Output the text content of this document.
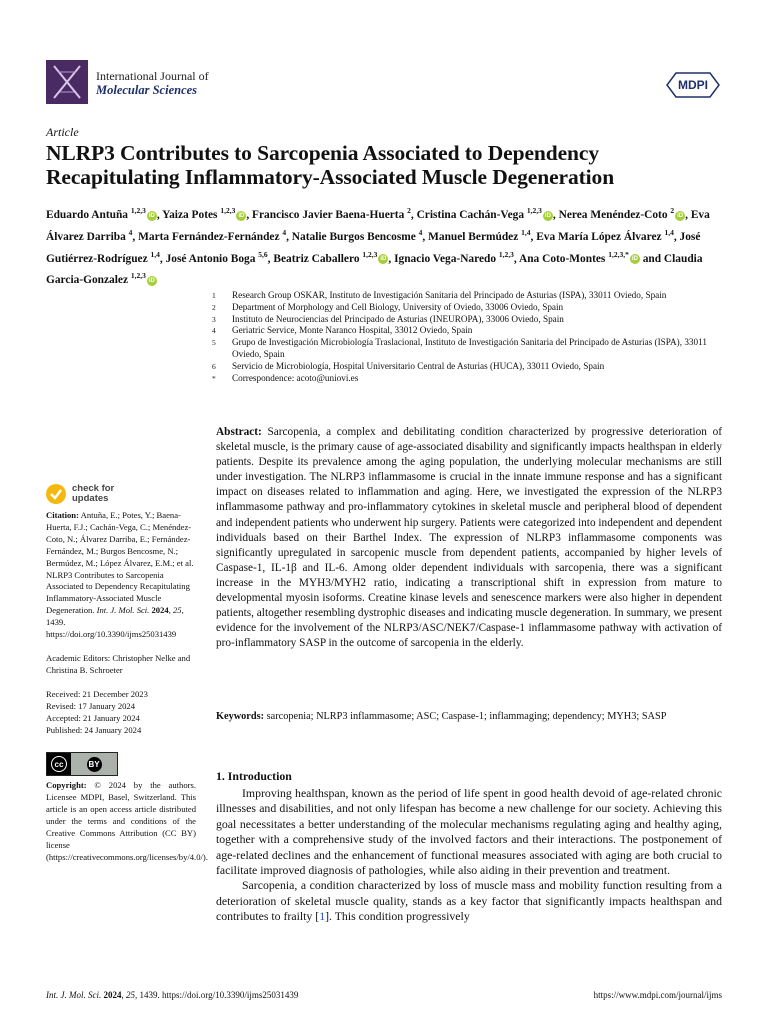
International Journal of
Molecular Sciences	MDPI
Article
NLRP3 Contributes to Sarcopenia Associated to Dependency Recapitulating Inflammatory-Associated Muscle Degeneration
Eduardo Antuña $^{1,2,3}$iD , Yaiza Potes $^{1,2,3}$iD , Francisco Javier Baena-Huerta $^2$, Cristina Cachán-Vega $^{1,2,3}$iD , Nerea Menéndez-Coto $^2$iD , Eva Álvarez Darriba $^4$, Marta Fernández-Fernández $^4$, Natalie Burgos Bencosme $^4$, Manuel Bermúdez $^{1,4}$, Eva María López Álvarez $^{1,4}$, José Gutiérrez-Rodríguez $^{1,4}$, José Antonio Boga $^{5,6}$, Beatriz Caballero $^{1,2,3}$iD , Ignacio Vega-Naredo $^{1,2,3}$, Ana Coto-Montes $^{1,2,3,*}$iD and Claudia Garcia-Gonzalez $^{1,2,3}$iD
1	Research Group OSKAR, Instituto de Investigación Sanitaria del Principado de Asturias (ISPA), 33011 Oviedo, Spain
2	Department of Morphology and Cell Biology, University of Oviedo, 33006 Oviedo, Spain
3	Instituto de Neurociencias del Principado de Asturias (INEUROPA), 33006 Oviedo, Spain
4	Geriatric Service, Monte Naranco Hospital, 33012 Oviedo, Spain
5	Grupo de Investigación Microbiología Traslacional, Instituto de Investigación Sanitaria del Principado de Asturias (ISPA), 33011 Oviedo, Spain
6	Servicio de Microbiología, Hospital Universitario Central de Asturias (HUCA), 33011 Oviedo, Spain
*	Correspondence: acoto@uniovi.es
check for
updates

Citation: Antuña, E.; Potes, Y.; Baena-Huerta, F.J.; Cachán-Vega, C.; Menéndez-Coto, N.; Álvarez Darriba, E.; Fernández-Fernández, M.; Burgos Bencosme, N.; Bermúdez, M.; López Álvarez, E.M.; et al. NLRP3 Contributes to Sarcopenia Associated to Dependency Recapitulating Inflammatory-Associated Muscle Degeneration. Int. J. Mol. Sci. 2024, 25, 1439. https://doi.org/10.3390/ijms25031439

Academic Editors: Christopher Nelke and Christina B. Schroeter

Received: 21 December 2023

Revised: 17 January 2024

Accepted: 21 January 2024

Published: 24 January 2024

cc	BY

Copyright: © 2024 by the authors. Licensee MDPI, Basel, Switzerland. This article is an open access article distributed under the terms and conditions of the Creative Commons Attribution (CC BY) license (https://creativecommons.org/licenses/by/4.0/).

Abstract: Sarcopenia, a complex and debilitating condition characterized by progressive deterioration of skeletal muscle, is the primary cause of age-associated disability and significantly impacts healthspan in elderly patients. Despite its prevalence among the aging population, the underlying molecular mechanisms are still under investigation. The NLRP3 inflammasome is crucial in the innate immune response and has a significant impact on diseases related to inflammation and aging. Here, we investigated the expression of the NLRP3 inflammasome pathway and pro-inflammatory cytokines in skeletal muscle and peripheral blood of dependent and independent patients who underwent hip surgery. Patients were categorized into independent and dependent individuals based on their Barthel Index. The expression of NLRP3 inflammasome components was significantly upregulated in sarcopenic muscle from dependent patients, accompanied by higher levels of Caspase-1, IL-1β and IL-6. Among older dependent individuals with sarcopenia, there was a significant increase in the MYH3/MYH2 ratio, indicating a transcriptional shift in expression from mature to developmental myosin isoforms. Creatine kinase levels and senescence markers were also higher in dependent patients, altogether resembling dystrophic diseases and indicating muscle degeneration. In summary, we present evidence for the involvement of the NLRP3/ASC/NEK7/Caspase-1 inflammasome pathway with activation of pro-inflammatory SASP in the outcome of sarcopenia in the elderly.
Keywords: sarcopenia; NLRP3 inflammasome; ASC; Caspase-1; inflammaging; dependency; MYH3; SASP
1. Introduction

Improving healthspan, known as the period of life spent in good health devoid of age-related chronic illnesses and disabilities, and not only lifespan has become a new challenge for our society. Achieving this goal necessitates a better understanding of the molecular mechanisms regulating aging and healthy aging, together with a comprehensive study of the involved factors and their interactions. The postponement of age-related declines and the enhancement of functional measures associated with aging are both crucial to facilitate improved diagnosis of pathologies, while also aiding in their prevention and treatment.

Sarcopenia, a condition characterized by loss of muscle mass and mobility function resulting from a deterioration of skeletal muscle quality, stands as a key factor that significantly impacts healthspan and contributes to frailty [1]. This condition progressively

Int. J. Mol. Sci. 2024, 25, 1439. https://doi.org/10.3390/ijms25031439	https://www.mdpi.com/journal/ijms
